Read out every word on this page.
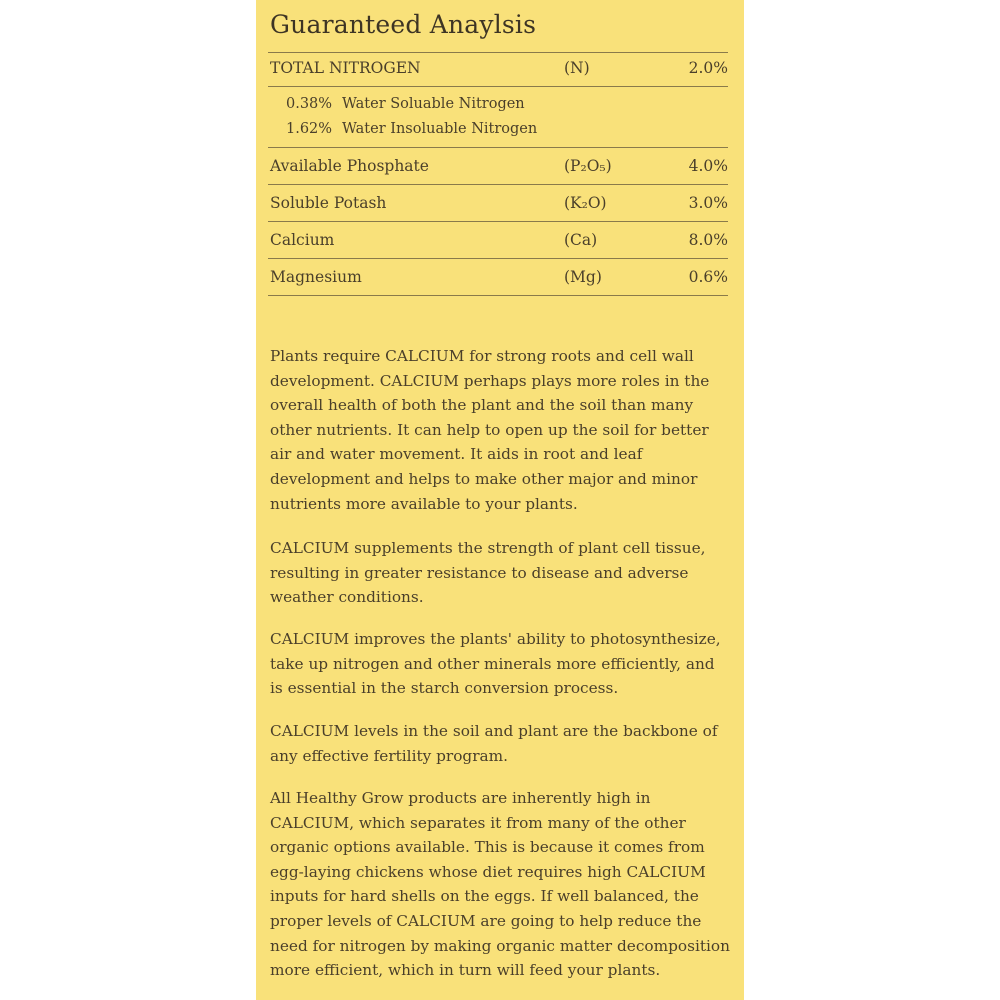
Guaranteed Anaylsis
TOTAL NITROGEN	(N)	2.0%
0.38% Water Soluable Nitrogen
1.62% Water Insoluable Nitrogen
Available Phosphate	(P₂O₅)	4.0%
Soluble Potash	(K₂O)	3.0%
Calcium	(Ca)	8.0%
Magnesium	(Mg)	0.6%

Plants require CALCIUM for strong roots and cell wall development. CALCIUM perhaps plays more roles in the overall health of both the plant and the soil than many other nutrients. It can help to open up the soil for better air and water movement. It aids in root and leaf development and helps to make other major and minor nutrients more available to your plants.

CALCIUM supplements the strength of plant cell tissue, resulting in greater resistance to disease and adverse weather conditions.

CALCIUM improves the plants' ability to photosynthesize, take up nitrogen and other minerals more efficiently, and is essential in the starch conversion process.

CALCIUM levels in the soil and plant are the backbone of any effective fertility program.

All Healthy Grow products are inherently high in CALCIUM, which separates it from many of the other organic options available. This is because it comes from egg-laying chickens whose diet requires high CALCIUM inputs for hard shells on the eggs. If well balanced, the proper levels of CALCIUM are going to help reduce the need for nitrogen by making organic matter decomposition more efficient, which in turn will feed your plants.
